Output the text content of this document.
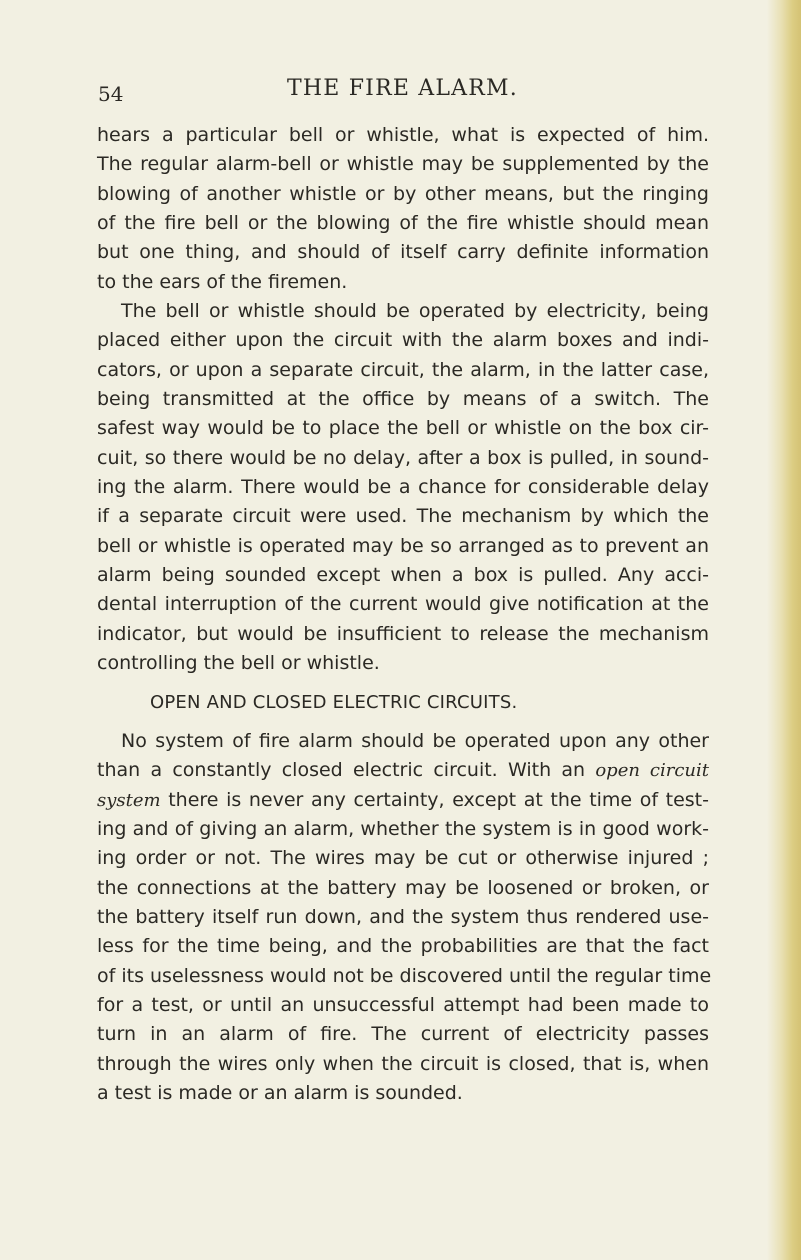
54	THE FIRE ALARM.
hears a particular bell or whistle, what is expected of him.
The regular alarm-bell or whistle may be supplemented by the
blowing of another whistle or by other means, but the ringing
of the fire bell or the blowing of the fire whistle should mean
but one thing, and should of itself carry definite information
to the ears of the firemen.
The bell or whistle should be operated by electricity, being
placed either upon the circuit with the alarm boxes and indi-
cators, or upon a separate circuit, the alarm, in the latter case,
being transmitted at the office by means of a switch. The
safest way would be to place the bell or whistle on the box cir-
cuit, so there would be no delay, after a box is pulled, in sound-
ing the alarm. There would be a chance for considerable delay
if a separate circuit were used. The mechanism by which the
bell or whistle is operated may be so arranged as to prevent an
alarm being sounded except when a box is pulled. Any acci-
dental interruption of the current would give notification at the
indicator, but would be insufficient to release the mechanism
controlling the bell or whistle.
OPEN AND CLOSED ELECTRIC CIRCUITS.
No system of fire alarm should be operated upon any other
than a constantly closed electric circuit. With an open circuit
system there is never any certainty, except at the time of test-
ing and of giving an alarm, whether the system is in good work-
ing order or not. The wires may be cut or otherwise injured ;
the connections at the battery may be loosened or broken, or
the battery itself run down, and the system thus rendered use-
less for the time being, and the probabilities are that the fact
of its uselessness would not be discovered until the regular time
for a test, or until an unsuccessful attempt had been made to
turn in an alarm of fire. The current of electricity passes
through the wires only when the circuit is closed, that is, when
a test is made or an alarm is sounded.
